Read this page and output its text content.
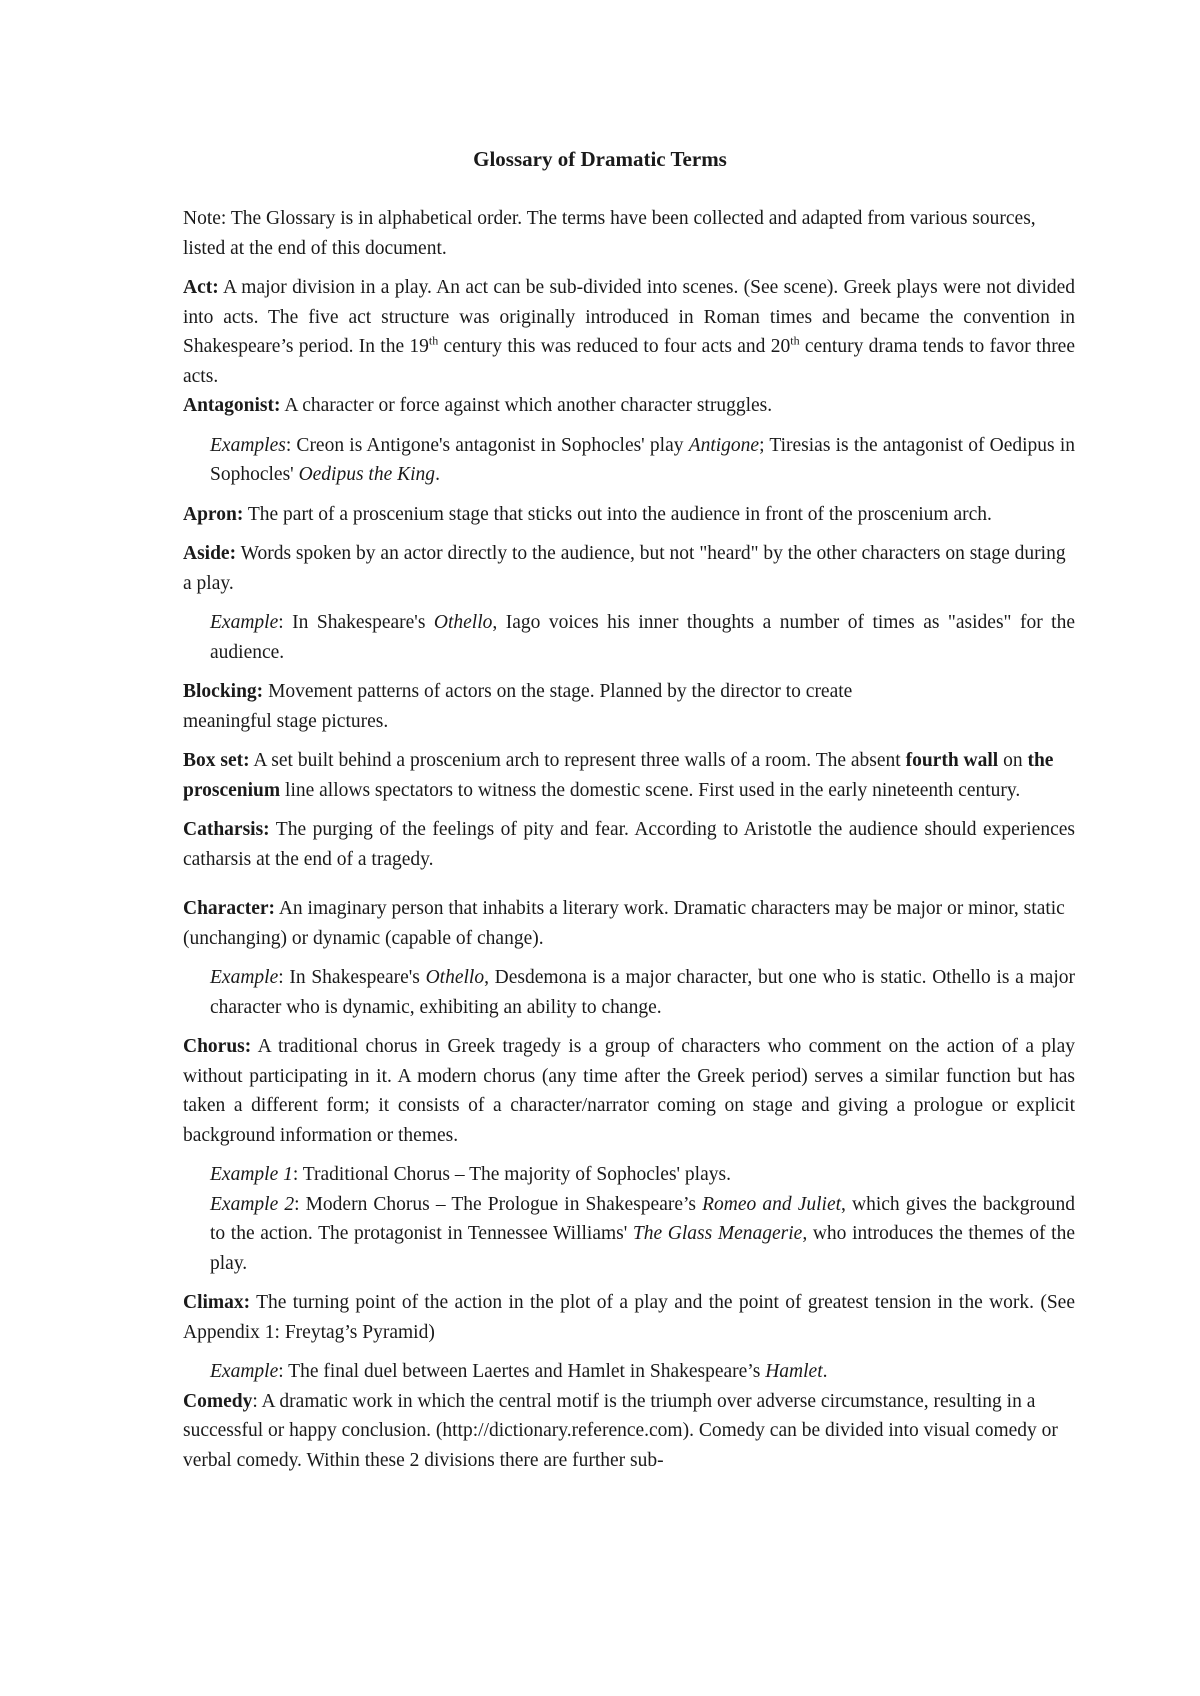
Glossary of Dramatic Terms

Note: The Glossary is in alphabetical order. The terms have been collected and adapted from various sources, listed at the end of this document.

Act: A major division in a play. An act can be sub-divided into scenes. (See scene). Greek plays were not divided into acts. The five act structure was originally introduced in Roman times and became the convention in Shakespeare’s period. In the 19th century this was reduced to four acts and 20th century drama tends to favor three acts.

Antagonist: A character or force against which another character struggles.

Examples: Creon is Antigone's antagonist in Sophocles' play Antigone; Tiresias is the antagonist of Oedipus in Sophocles' Oedipus the King.

Apron: The part of a proscenium stage that sticks out into the audience in front of the proscenium arch.

Aside: Words spoken by an actor directly to the audience, but not "heard" by the other characters on stage during a play.

Example: In Shakespeare's Othello, Iago voices his inner thoughts a number of times as "asides" for the audience.

Blocking: Movement patterns of actors on the stage. Planned by the director to create
meaningful stage pictures.

Box set: A set built behind a proscenium arch to represent three walls of a room. The absent fourth wall on the proscenium line allows spectators to witness the domestic scene. First used in the early nineteenth century.

Catharsis: The purging of the feelings of pity and fear. According to Aristotle the audience should experiences catharsis at the end of a tragedy.

Character: An imaginary person that inhabits a literary work. Dramatic characters may be major or minor, static (unchanging) or dynamic (capable of change).

Example: In Shakespeare's Othello, Desdemona is a major character, but one who is static. Othello is a major character who is dynamic, exhibiting an ability to change.

Chorus: A traditional chorus in Greek tragedy is a group of characters who comment on the action of a play without participating in it. A modern chorus (any time after the Greek period) serves a similar function but has taken a different form; it consists of a character/narrator coming on stage and giving a prologue or explicit background information or themes.

Example 1: Traditional Chorus – The majority of Sophocles' plays.

Example 2: Modern Chorus – The Prologue in Shakespeare’s Romeo and Juliet, which gives the background to the action. The protagonist in Tennessee Williams' The Glass Menagerie, who introduces the themes of the play.

Climax: The turning point of the action in the plot of a play and the point of greatest tension in the work. (See Appendix 1: Freytag’s Pyramid)

Example: The final duel between Laertes and Hamlet in Shakespeare’s Hamlet.

Comedy: A dramatic work in which the central motif is the triumph over adverse circumstance, resulting in a successful or happy conclusion. (http://dictionary.reference.com). Comedy can be divided into visual comedy or verbal comedy. Within these 2 divisions there are further sub-
